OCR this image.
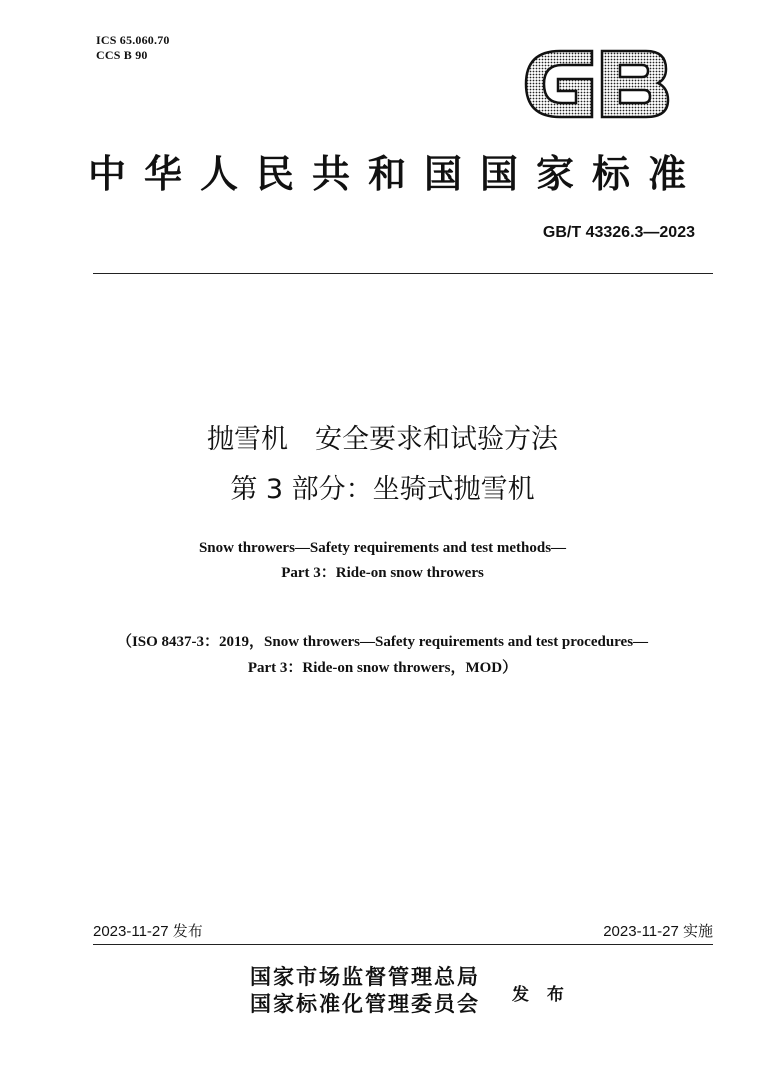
ICS 65.060.70
CCS B 90
中华人民共和国国家标准
GB/T 43326.3—2023
抛雪机　安全要求和试验方法
第 3 部分：坐骑式抛雪机
Snow throwers—Safety requirements and test methods—
Part 3：Ride-on snow throwers
（ISO 8437-3：2019，Snow throwers—Safety requirements and test procedures—
Part 3：Ride-on snow throwers，MOD）
2023-11-27 发布	2023-11-27 实施
国家市场监督管理总局
国家标准化管理委员会 发 布
